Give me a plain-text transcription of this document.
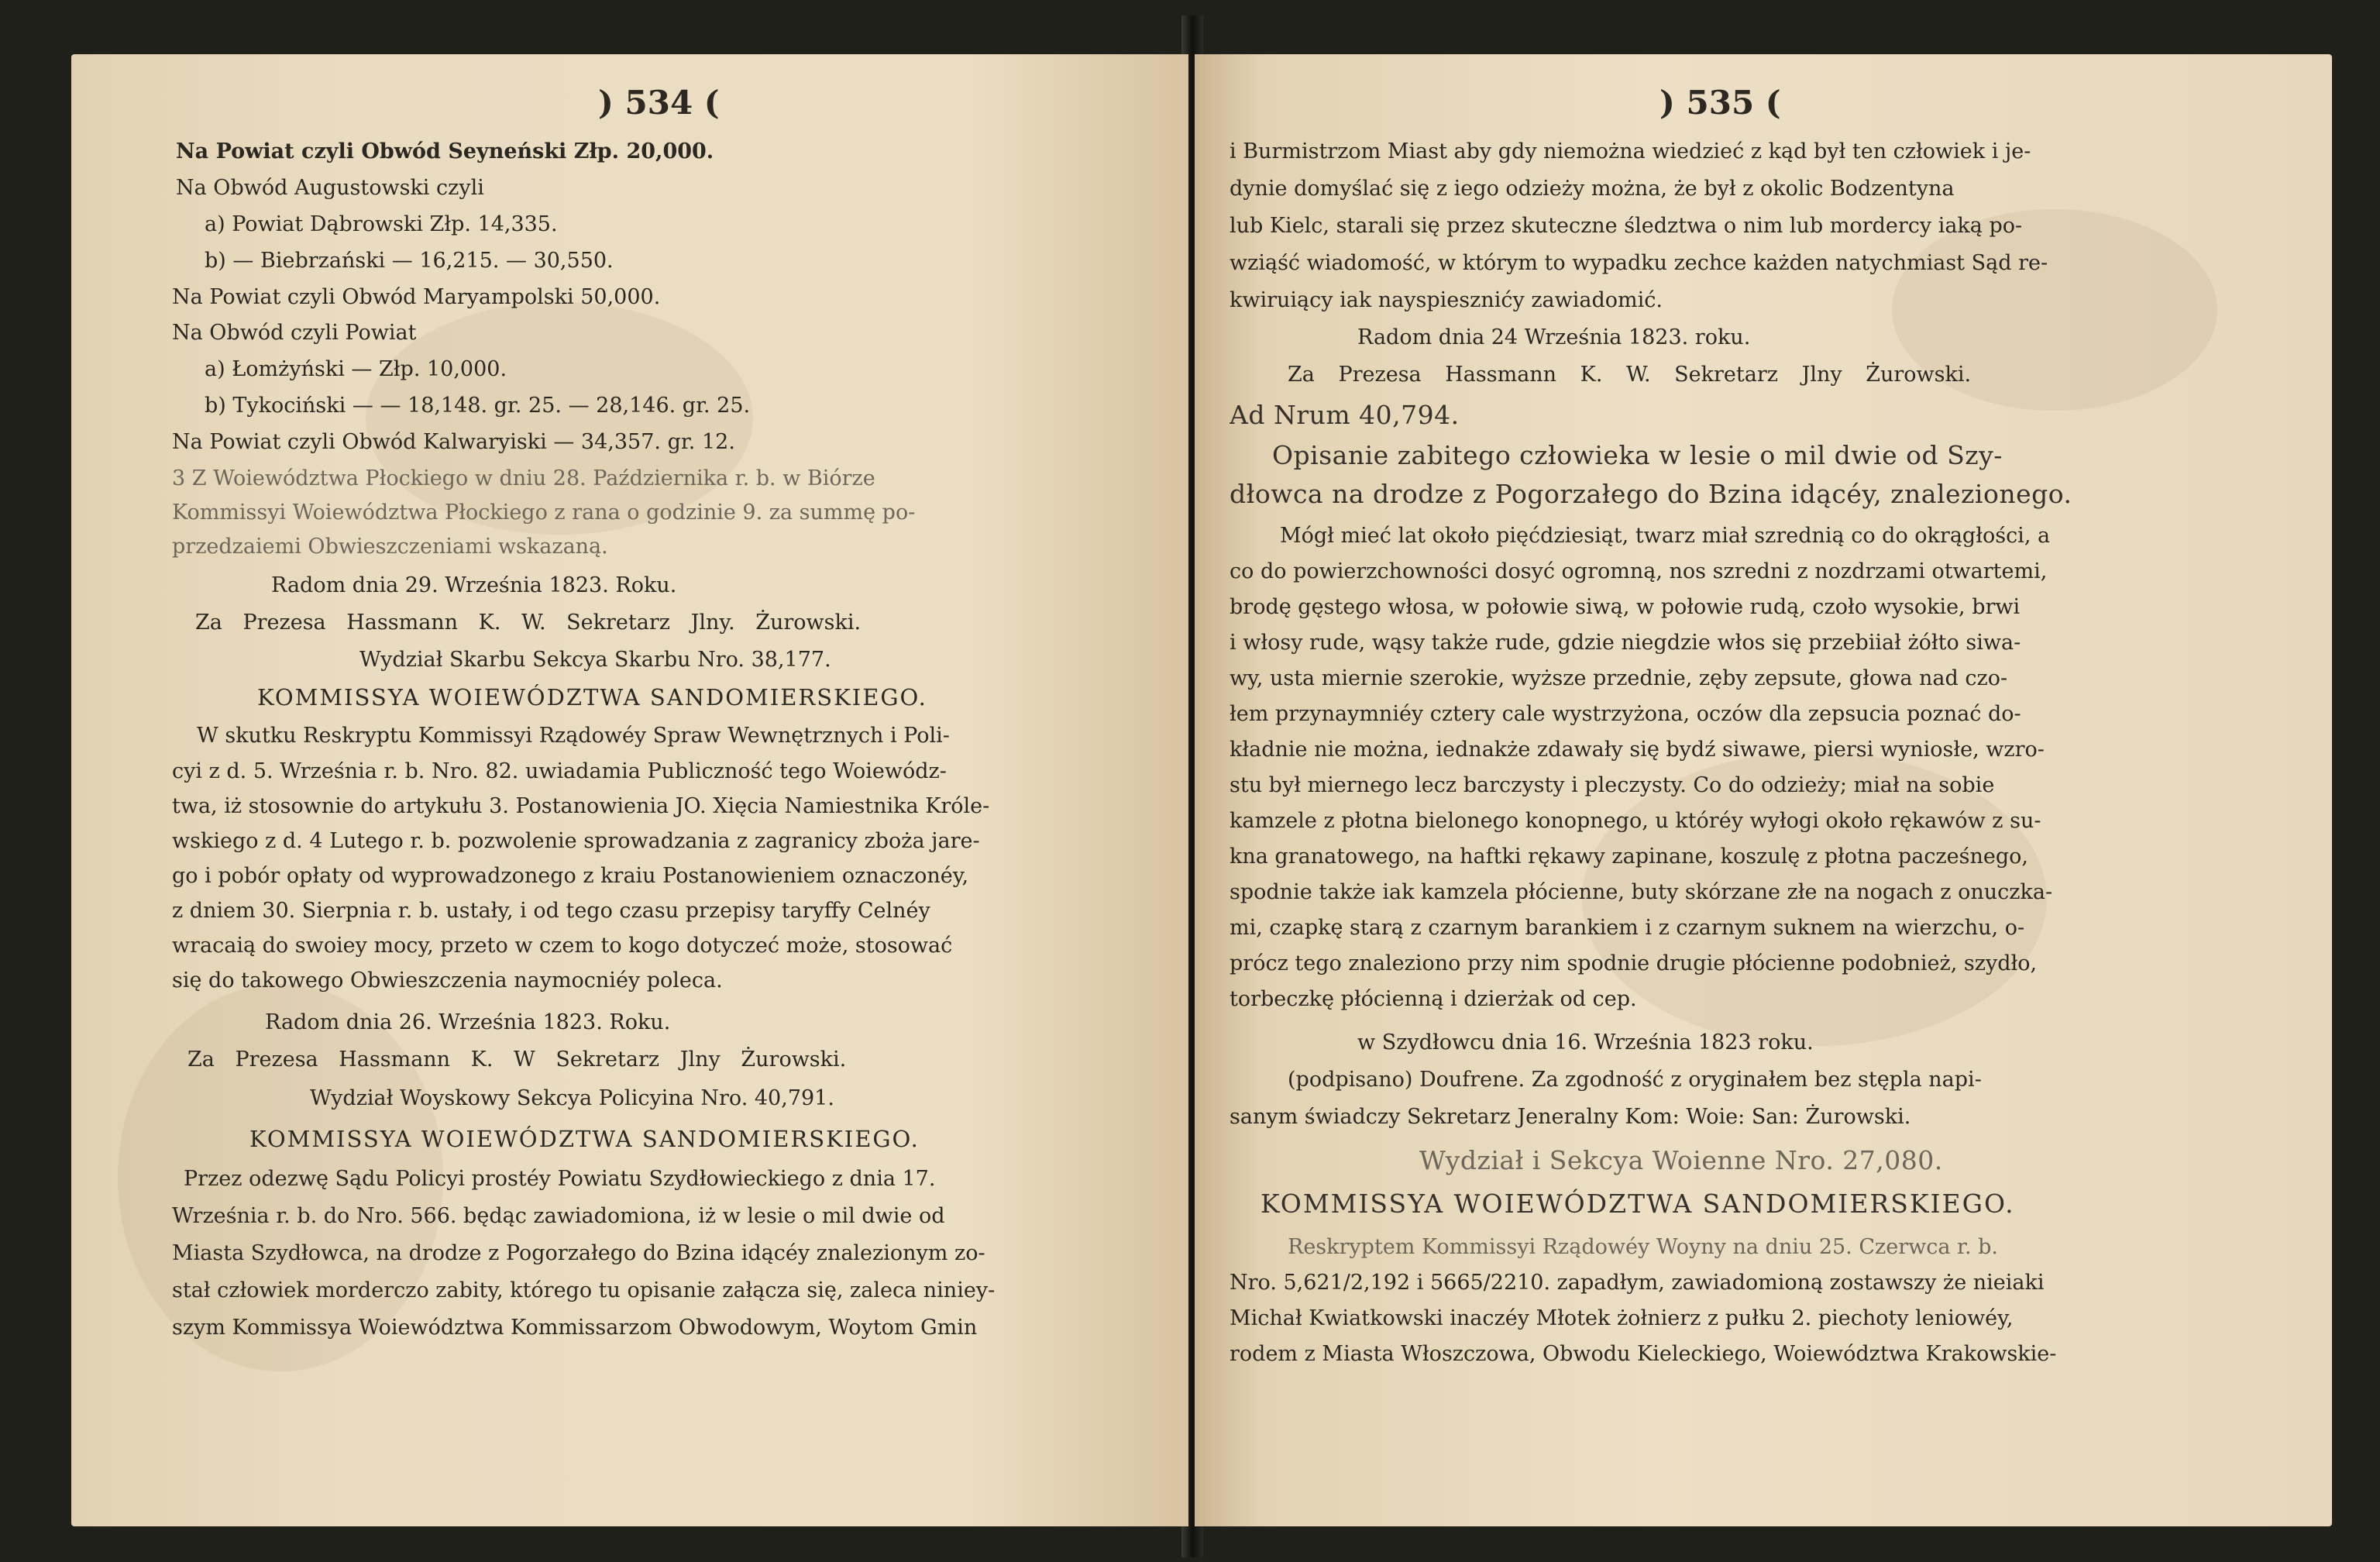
) 534 (
Na Powiat czyli Obwód Seyneński Złp. 20,000.
Na Obwód Augustowski czyli
a) Powiat Dąbrowski Złp. 14,335.
b) — Biebrzański — 16,215. — 30,550.
Na Powiat czyli Obwód Maryampolski 50,000.
Na Obwód czyli Powiat
a) Łomżyński — Złp. 10,000.
b) Tykociński — — 18,148. gr. 25. — 28,146. gr. 25.
Na Powiat czyli Obwód Kalwaryiski — 34,357. gr. 12.
3 Z Woiewództwa Płockiego w dniu 28. Października r. b. w Biórze
Kommissyi Woiewództwa Płockiego z rana o godzinie 9. za summę po-
przedzaiemi Obwieszczeniami wskazaną.
Radom dnia 29. Września 1823. Roku.
Za Prezesa Hassmann K. W. Sekretarz Jlny. Żurowski.
Wydział Skarbu Sekcya Skarbu Nro. 38,177.
KOMMISSYA WOIEWÓDZTWA SANDOMIERSKIEGO.
W skutku Reskryptu Kommissyi Rządowéy Spraw Wewnętrznych i Poli-
cyi z d. 5. Września r. b. Nro. 82. uwiadamia Publiczność tego Woiewódz-
twa, iż stosownie do artykułu 3. Postanowienia JO. Xięcia Namiestnika Króle-
wskiego z d. 4 Lutego r. b. pozwolenie sprowadzania z zagranicy zboża jare-
go i pobór opłaty od wyprowadzonego z kraiu Postanowieniem oznaczonéy,
z dniem 30. Sierpnia r. b. ustały, i od tego czasu przepisy taryffy Celnéy
wracaią do swoiey mocy, przeto w czem to kogo dotyczeć może, stosować
się do takowego Obwieszczenia naymocniéy poleca.
Radom dnia 26. Września 1823. Roku.
Za Prezesa Hassmann K. W Sekretarz Jlny Żurowski.
Wydział Woyskowy Sekcya Policyina Nro. 40,791.
KOMMISSYA WOIEWÓDZTWA SANDOMIERSKIEGO.
Przez odezwę Sądu Policyi prostéy Powiatu Szydłowieckiego z dnia 17.
Września r. b. do Nro. 566. będąc zawiadomiona, iż w lesie o mil dwie od
Miasta Szydłowca, na drodze z Pogorzałego do Bzina idącéy znalezionym zo-
stał człowiek morderczo zabity, którego tu opisanie załącza się, zaleca niniey-
szym Kommissya Woiewództwa Kommissarzom Obwodowym, Woytom Gmin
) 535 (
i Burmistrzom Miast aby gdy niemożna wiedzieć z kąd był ten człowiek i je-
dynie domyślać się z iego odzieży można, że był z okolic Bodzentyna
lub Kielc, starali się przez skuteczne śledztwa o nim lub mordercy iaką po-
wziąść wiadomość, w którym to wypadku zechce każden natychmiast Sąd re-
kwiruiący iak nayspiesznićy zawiadomić.
Radom dnia 24 Września 1823. roku.
Za Prezesa Hassmann K. W. Sekretarz Jlny Żurowski.
Ad Nrum 40,794.
Opisanie zabitego człowieka w lesie o mil dwie od Szy-
dłowca na drodze z Pogorzałego do Bzina idącéy, znalezionego.
Mógł mieć lat około pięćdziesiąt, twarz miał szrednią co do okrągłości, a
co do powierzchowności dosyć ogromną, nos szredni z nozdrzami otwartemi,
brodę gęstego włosa, w połowie siwą, w połowie rudą, czoło wysokie, brwi
i włosy rude, wąsy także rude, gdzie niegdzie włos się przebiiał żółto siwa-
wy, usta miernie szerokie, wyższe przednie, zęby zepsute, głowa nad czo-
łem przynaymniéy cztery cale wystrzyżona, oczów dla zepsucia poznać do-
kładnie nie można, iednakże zdawały się bydź siwawe, piersi wyniosłe, wzro-
stu był miernego lecz barczysty i pleczysty. Co do odzieży; miał na sobie
kamzele z płotna bielonego konopnego, u któréy wyłogi około rękawów z su-
kna granatowego, na haftki rękawy zapinane, koszulę z płotna pacześnego,
spodnie także iak kamzela płócienne, buty skórzane złe na nogach z onuczka-
mi, czapkę starą z czarnym barankiem i z czarnym suknem na wierzchu, o-
prócz tego znaleziono przy nim spodnie drugie płócienne podobnież, szydło,
torbeczkę płócienną i dzierżak od cep.
w Szydłowcu dnia 16. Września 1823 roku.
(podpisano) Doufrene. Za zgodność z oryginałem bez stępla napi-
sanym świadczy Sekretarz Jeneralny Kom: Woie: San: Żurowski.
Wydział i Sekcya Woienne Nro. 27,080.
KOMMISSYA WOIEWÓDZTWA SANDOMIERSKIEGO.
Reskryptem Kommissyi Rządowéy Woyny na dniu 25. Czerwca r. b.
Nro. 5,621/2,192 i 5665/2210. zapadłym, zawiadomioną zostawszy że nieiaki
Michał Kwiatkowski inaczéy Młotek żołnierz z pułku 2. piechoty leniowéy,
rodem z Miasta Włoszczowa, Obwodu Kieleckiego, Woiewództwa Krakowskie-
